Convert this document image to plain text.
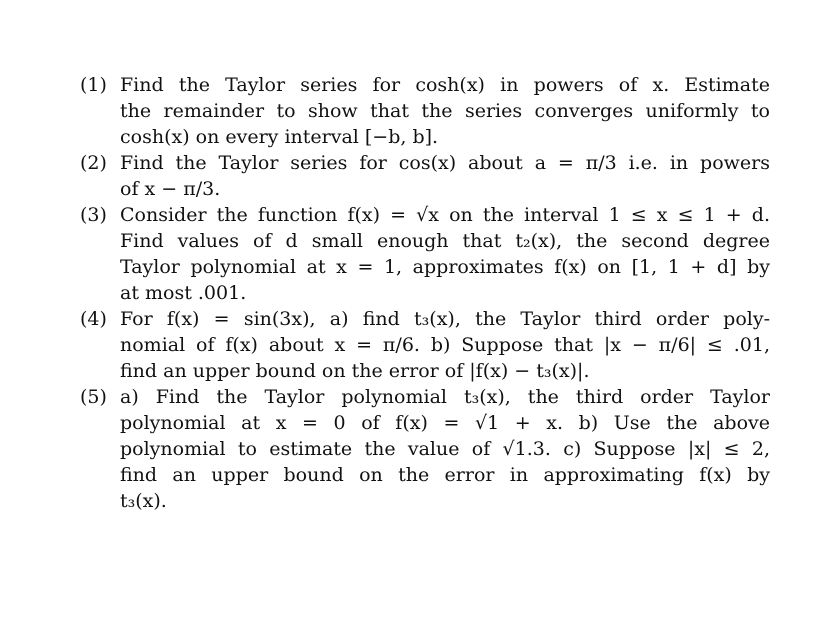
(1) Find the Taylor series for cosh(x) in powers of x. Estimate
the remainder to show that the series converges uniformly to
cosh(x) on every interval [−b, b].
(2) Find the Taylor series for cos(x) about a = π/3 i.e. in powers
of x − π/3.
(3) Consider the function f(x) = √x on the interval 1 ≤ x ≤ 1 + d.
Find values of d small enough that t₂(x), the second degree
Taylor polynomial at x = 1, approximates f(x) on [1, 1 + d] by
at most .001.
(4) For f(x) = sin(3x), a) find t₃(x), the Taylor third order poly-
nomial of f(x) about x = π/6. b) Suppose that |x − π/6| ≤ .01,
find an upper bound on the error of |f(x) − t₃(x)|.
(5) a) Find the Taylor polynomial t₃(x), the third order Taylor
polynomial at x = 0 of f(x) = √1 + x. b) Use the above
polynomial to estimate the value of √1.3. c) Suppose |x| ≤ 2,
find an upper bound on the error in approximating f(x) by
t₃(x).
